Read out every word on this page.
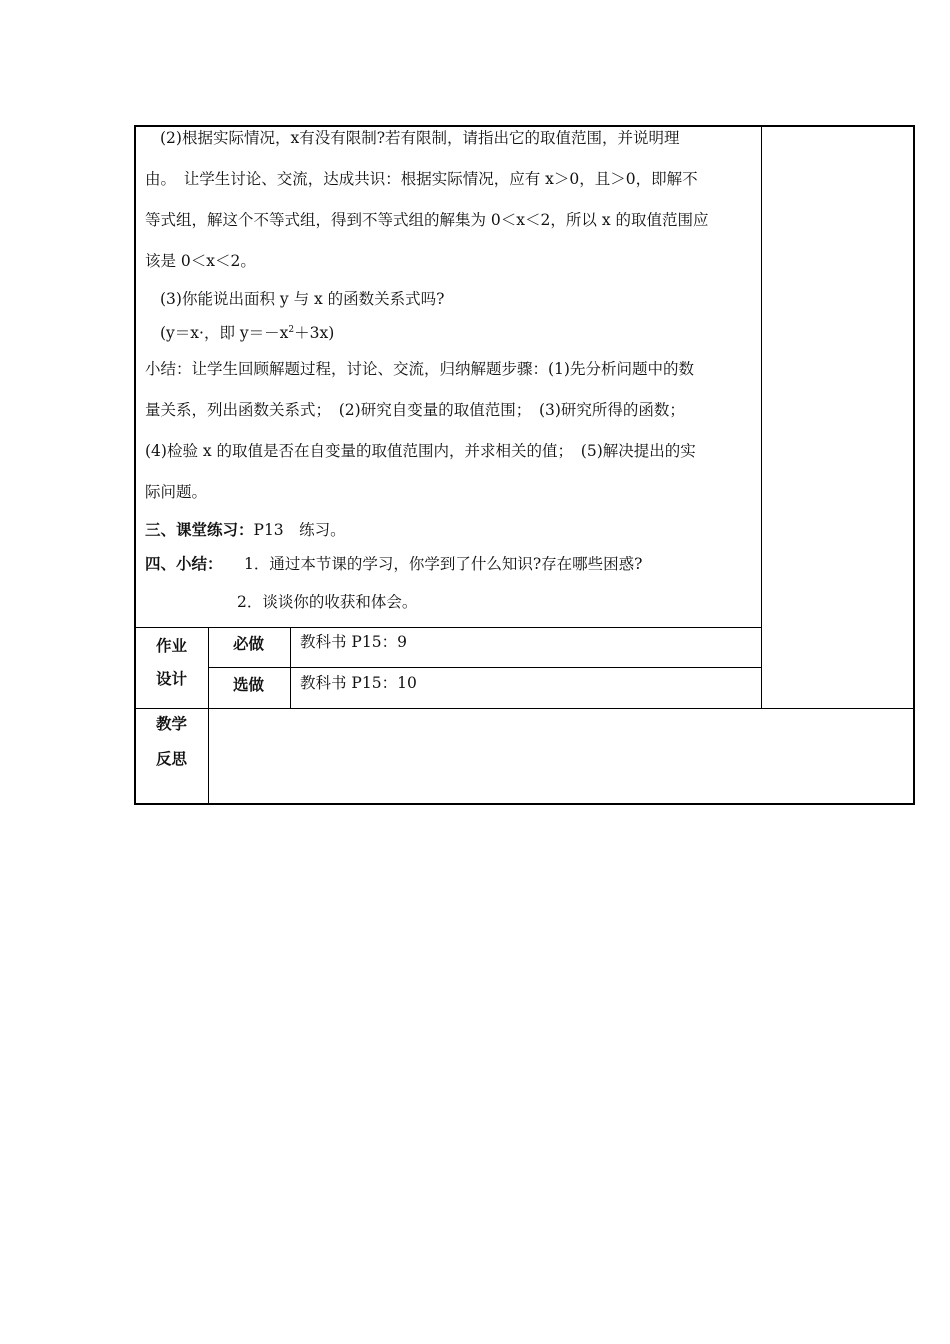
(2)根据实际情况，x有没有限制?若有限制，请指出它的取值范围，并说明理
由。　让学生讨论、交流，达成共识：根据实际情况，应有 x＞0，且＞0，即解不
等式组，解这个不等式组，得到不等式组的解集为 0＜x＜2，所以 x 的取值范围应
该是 0＜x＜2。
(3)你能说出面积 y 与 x 的函数关系式吗?
(y＝x·，即 $y=-x^2+3x$)
小结：让学生回顾解题过程，讨论、交流，归纳解题步骤：(1)先分析问题中的数
量关系，列出函数关系式；　(2)研究自变量的取值范围；　(3)研究所得的函数；
(4)检验 x 的取值是否在自变量的取值范围内，并求相关的值；　(5)解决提出的实
际问题。
三、课堂练习：P13　练习。
四、小结： 1．通过本节课的学习，你学到了什么知识?存在哪些困惑?
2．谈谈你的收获和体会。
作业
设计
必做 教科书 P15：9
选做 教科书 P15：10
教学
反思
